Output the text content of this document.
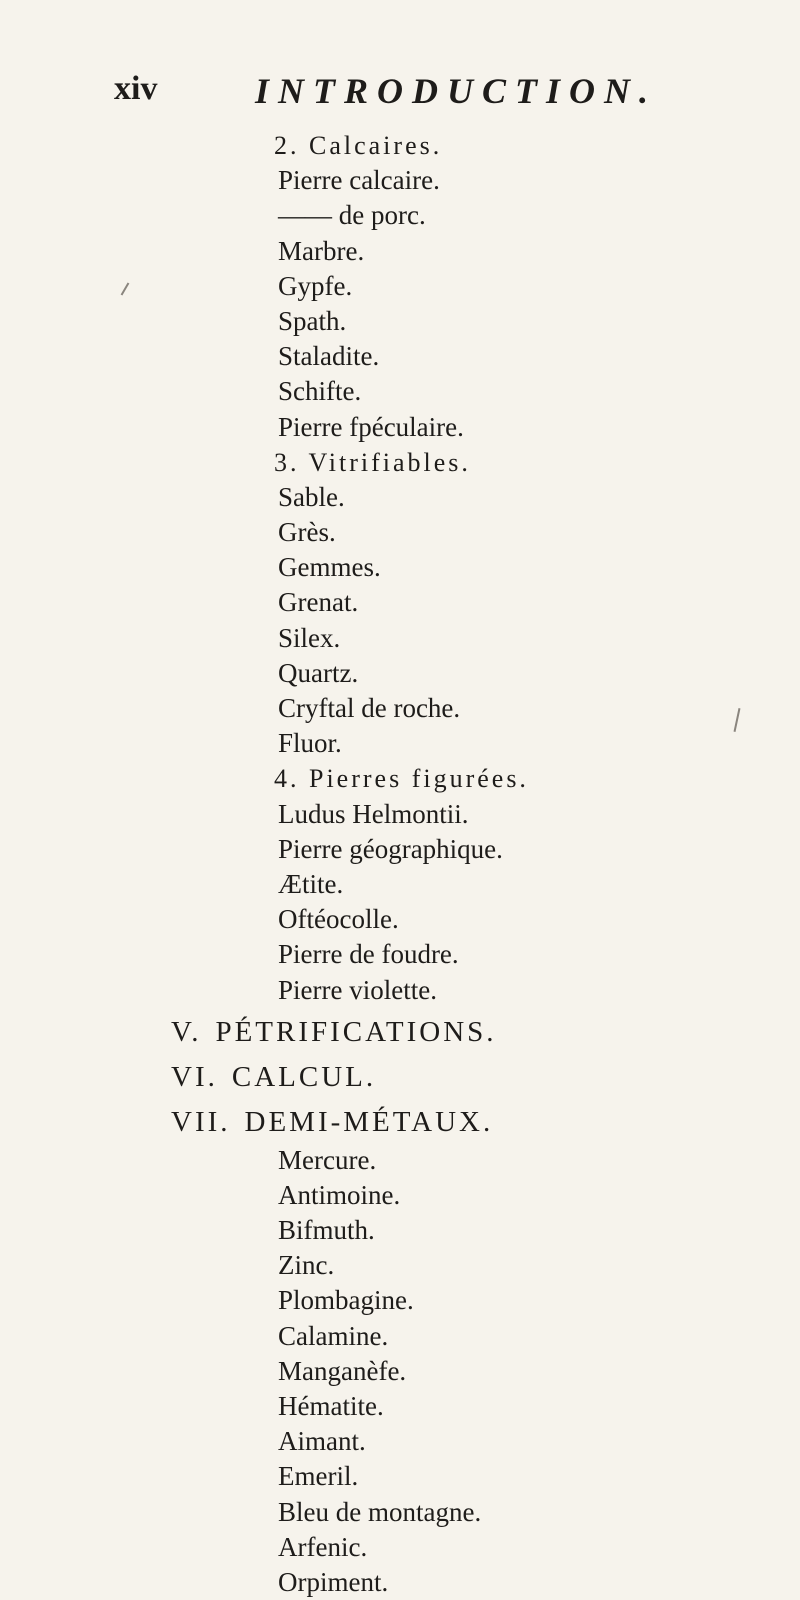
xiv	INTRODUCTION.
2. Calcaires.
Pierre calcaire.
—— de porc.
Marbre.
Gypfe.
Spath.
Staladite.
Schifte.
Pierre fpéculaire.
3. Vitrifiables.
Sable.
Grès.
Gemmes.
Grenat.
Silex.
Quartz.
Cryftal de roche.
Fluor.
4. Pierres figurées.
Ludus Helmontii.
Pierre géographique.
Ætite.
Oftéocolle.
Pierre de foudre.
Pierre violette.
V. PÉTRIFICATIONS.
VI. CALCUL.
VII. DEMI-MÉTAUX.
Mercure.
Antimoine.
Bifmuth.
Zinc.
Plombagine.
Calamine.
Manganèfe.
Hématite.
Aimant.
Emeril.
Bleu de montagne.
Arfenic.
Orpiment.
